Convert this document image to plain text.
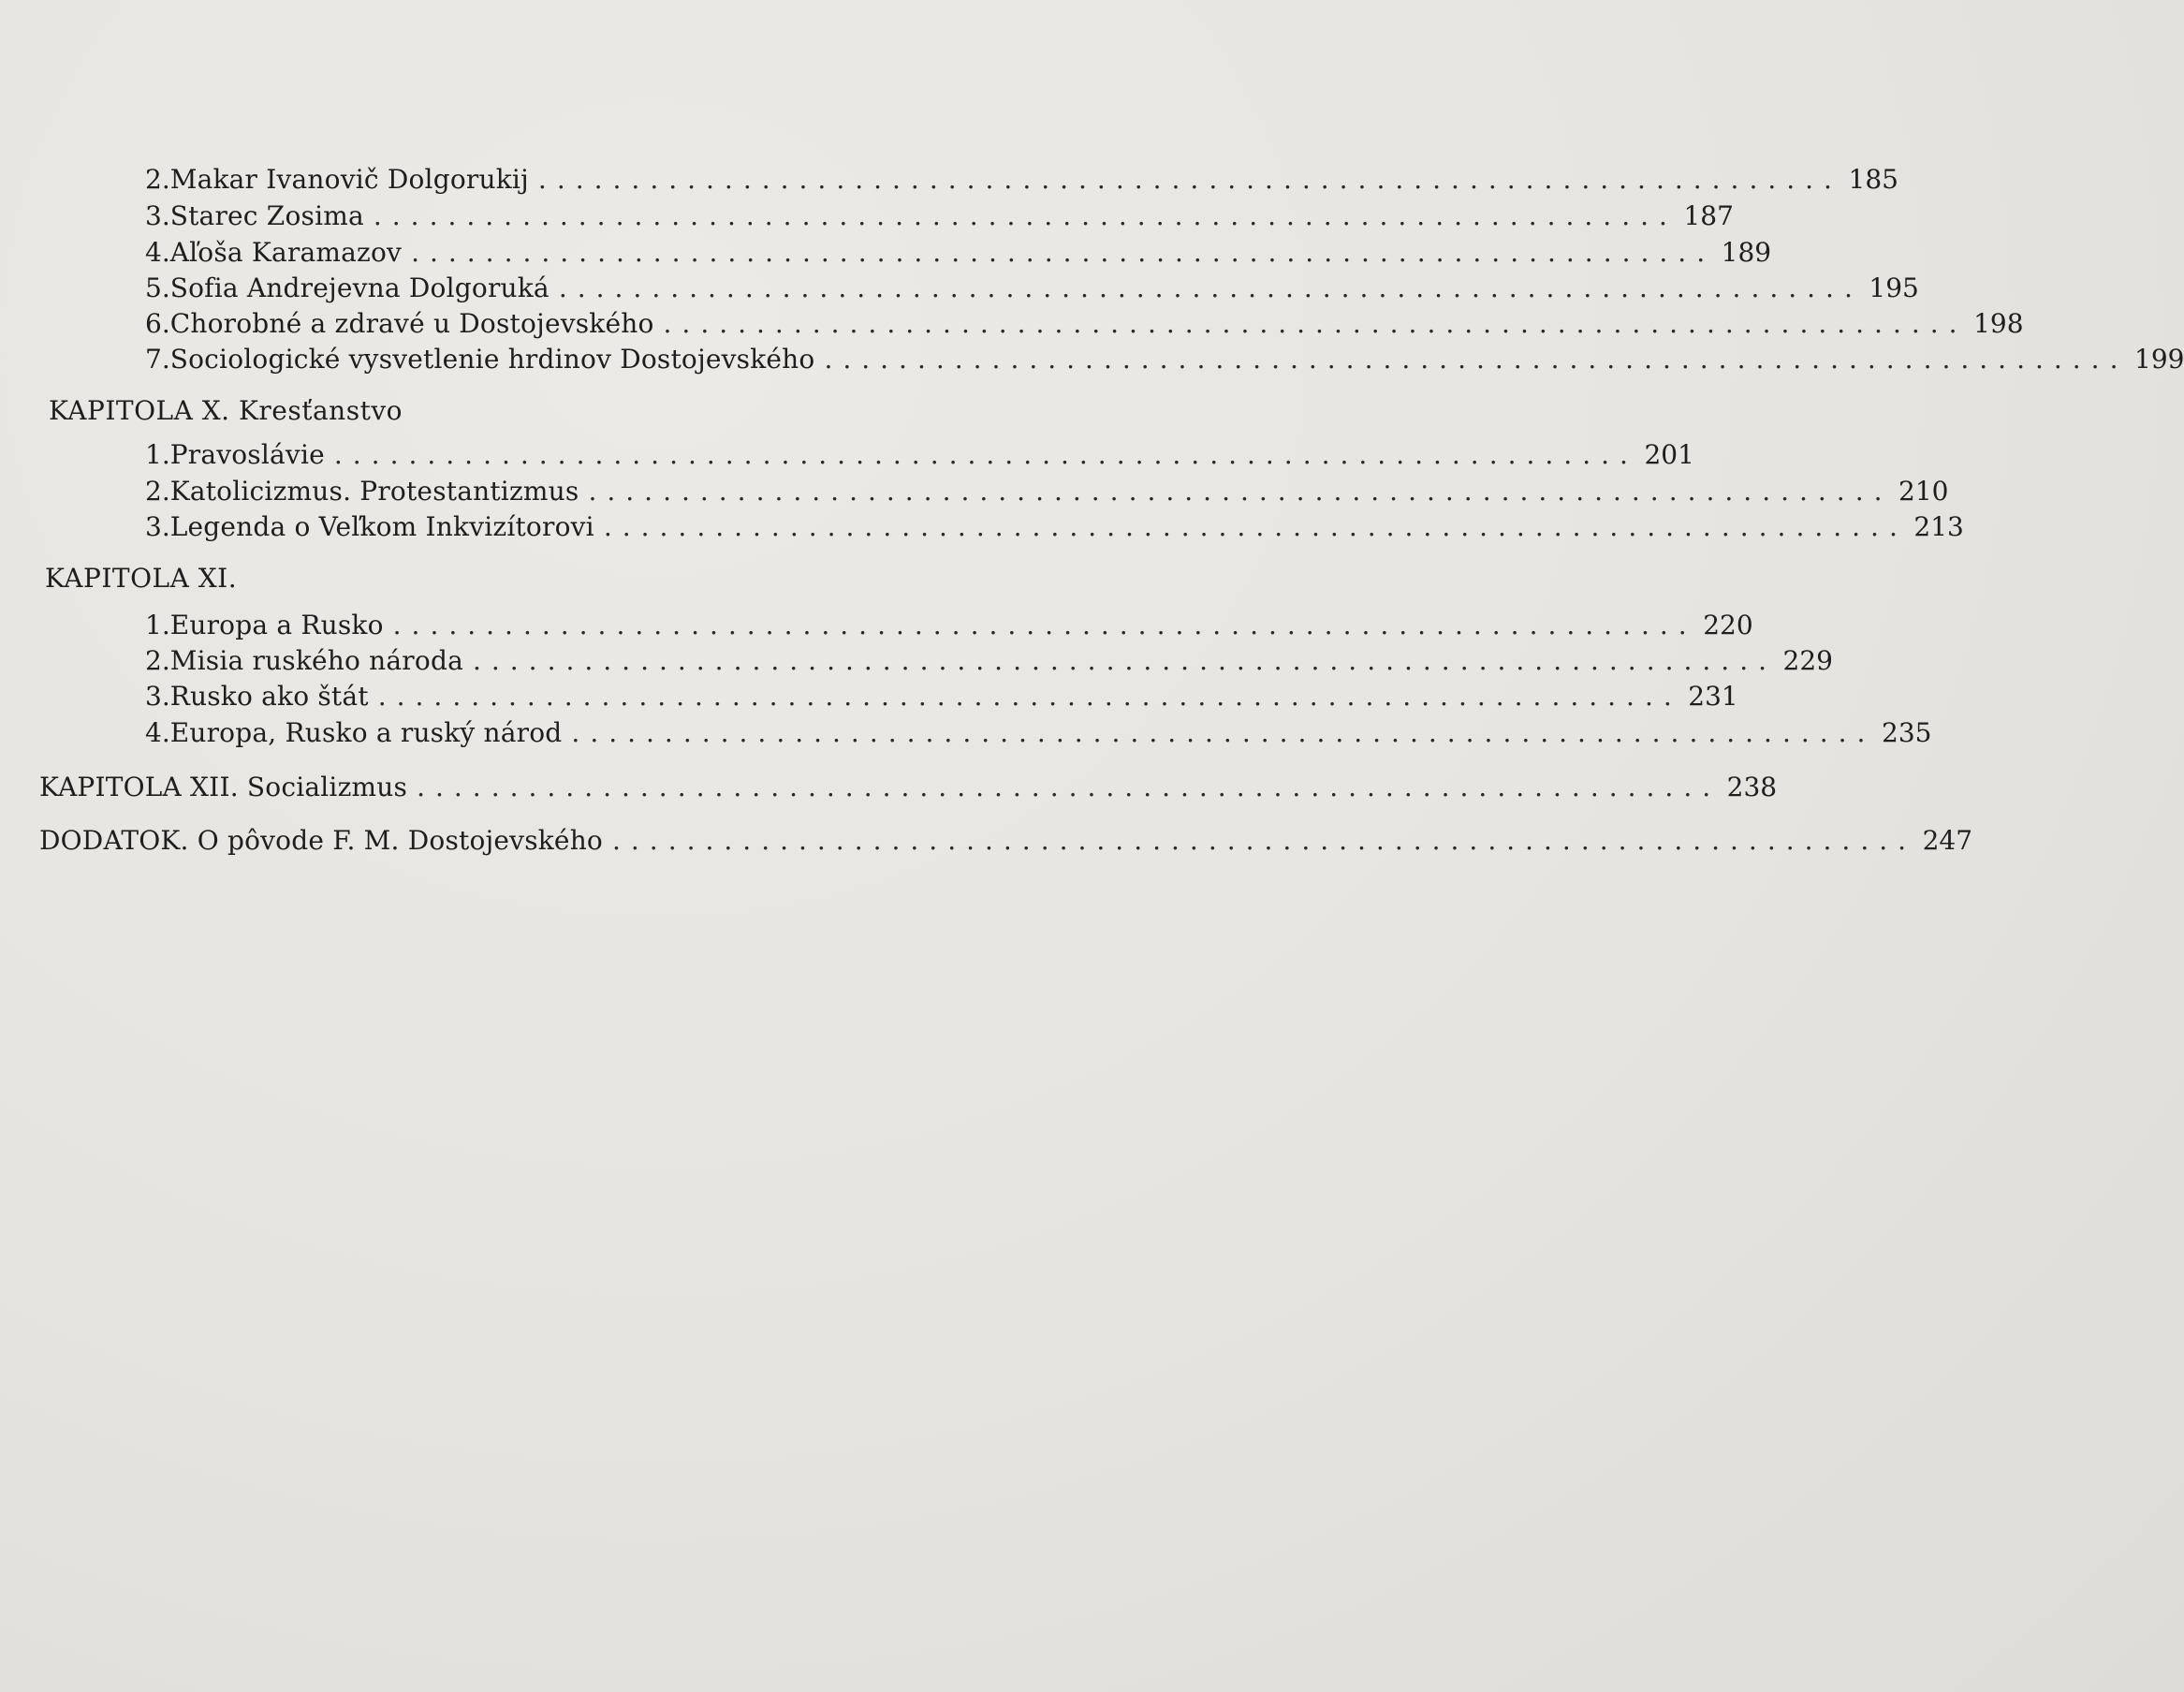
2. Makar Ivanovič Dolgorukij ...................................................................... 185
3. Starec Zosima ...................................................................... 187
4. Aľoša Karamazov ...................................................................... 189
5. Sofia Andrejevna Dolgoruká ...................................................................... 195
6. Chorobné a zdravé u Dostojevského ...................................................................... 198
7. Sociologické vysvetlenie hrdinov Dostojevského ...................................................................... 199
KAPITOLA X. Kresťanstvo
1. Pravoslávie ...................................................................... 201
2. Katolicizmus. Protestantizmus ...................................................................... 210
3. Legenda o Veľkom Inkvizítorovi ...................................................................... 213
KAPITOLA XI.
1. Europa a Rusko ...................................................................... 220
2. Misia ruského národa ...................................................................... 229
3. Rusko ako štát ...................................................................... 231
4. Europa, Rusko a ruský národ ...................................................................... 235
KAPITOLA XII. Socializmus ...................................................................... 238
DODATOK. O pôvode F. M. Dostojevského ...................................................................... 247
